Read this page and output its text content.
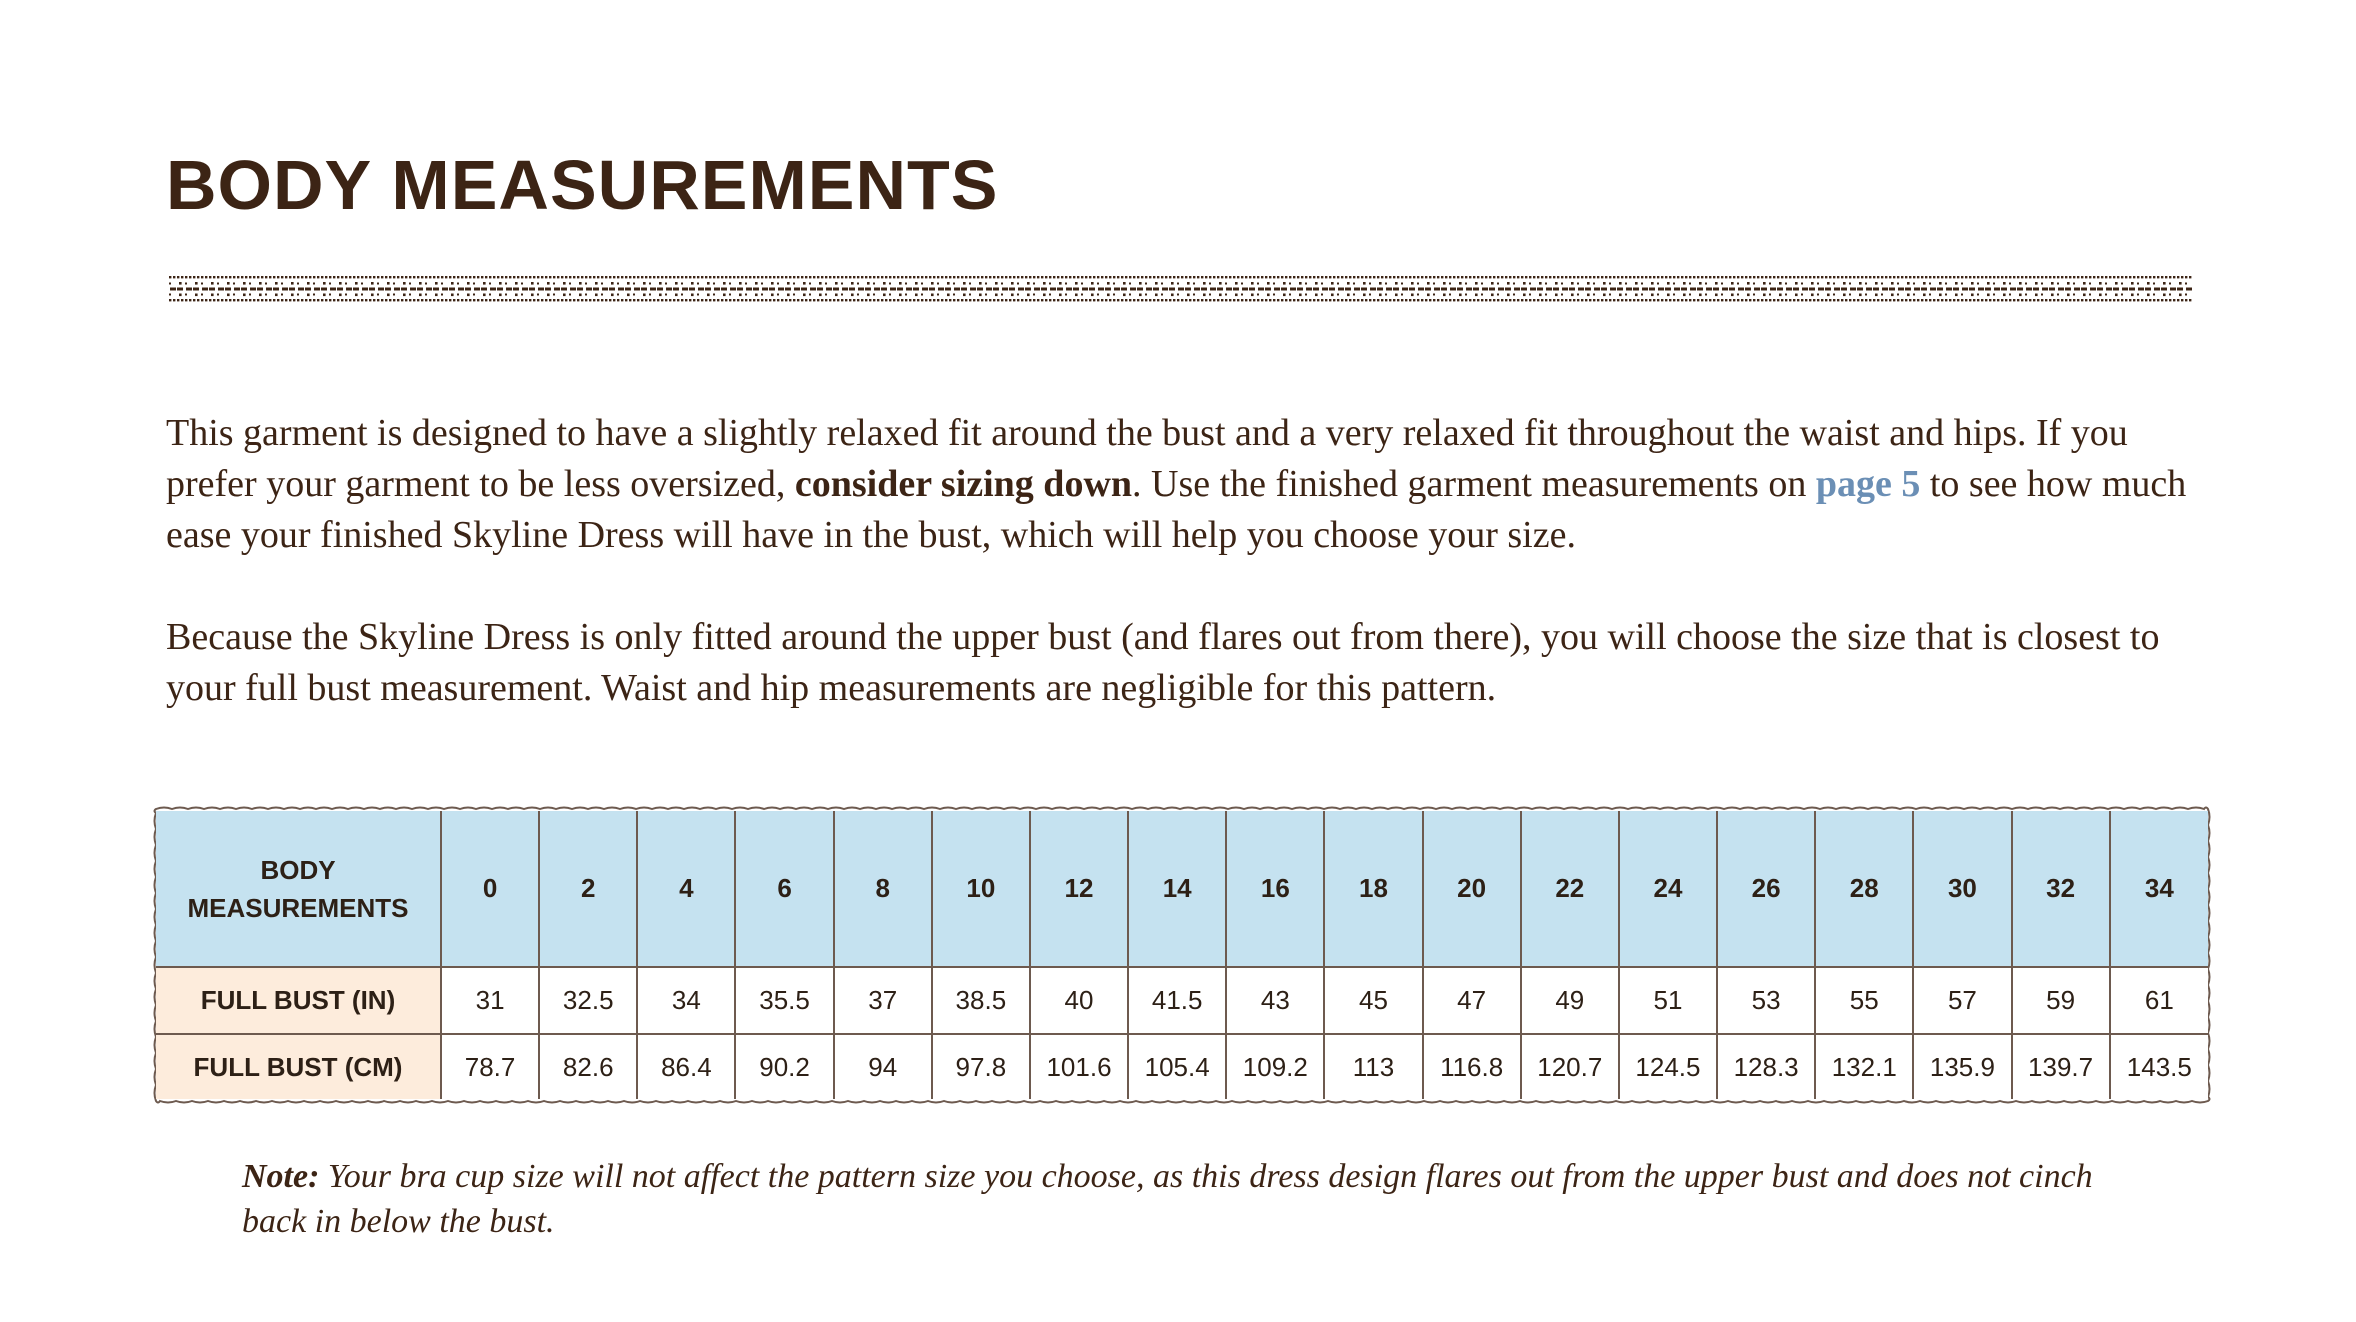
BODY MEASUREMENTS

This garment is designed to have a slightly relaxed fit around the bust and a very relaxed fit throughout the waist and hips. If you prefer your garment to be less oversized, consider sizing down. Use the finished garment measurements on page 5 to see how much ease your finished Skyline Dress will have in the bust, which will help you choose your size.

Because the Skyline Dress is only fitted around the upper bust (and flares out from there), you will choose the size that is closest to your full bust measurement. Waist and hip measurements are negligible for this pattern.

BODY
MEASUREMENTS	0	2	4	6	8	10	12	14	16	18	20	22	24	26	28	30	32	34
FULL BUST (IN)	31	32.5	34	35.5	37	38.5	40	41.5	43	45	47	49	51	53	55	57	59	61
FULL BUST (CM)	78.7	82.6	86.4	90.2	94	97.8	101.6	105.4	109.2	113	116.8	120.7	124.5	128.3	132.1	135.9	139.7	143.5

Note: Your bra cup size will not affect the pattern size you choose, as this dress design flares out from the upper bust and does not cinch back in below the bust.
